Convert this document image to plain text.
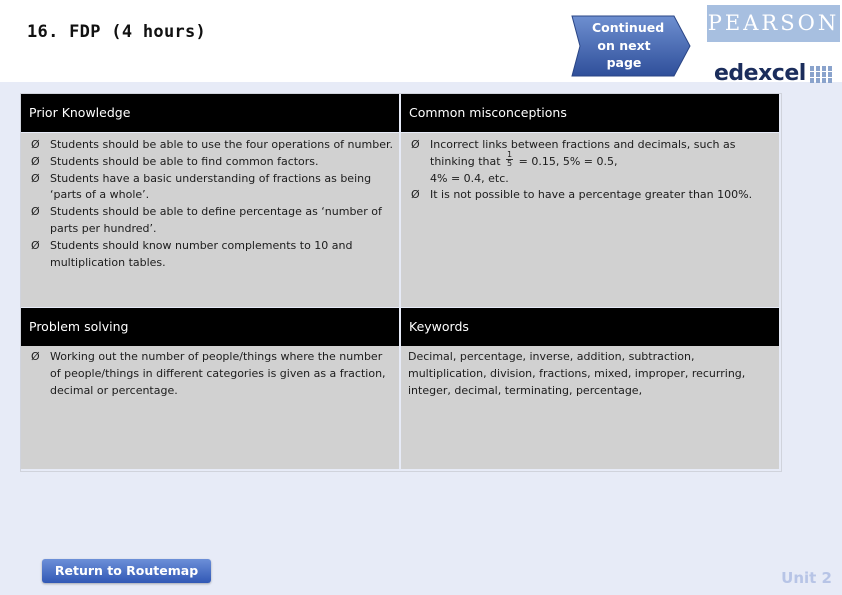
16. FDP (4 hours)	Continued on next page
PEARSON
edexcel
Prior Knowledge
Ø Students should be able to use the four operations of number.
Ø Students should be able to find common factors.
Ø Students have a basic understanding of fractions as being ‘parts of a whole’.
Ø Students should be able to define percentage as ‘number of parts per hundred’.
Ø Students should know number complements to 10 and multiplication tables.
Common misconceptions
Ø Incorrect links between fractions and decimals, such as thinking that $\frac{1}{5} = 0.15$, 5% = 0.5,
4% = 0.4, etc.
Ø It is not possible to have a percentage greater than 100%.
Problem solving
Ø Working out the number of people/things where the number of people/things in different categories is given as a fraction, decimal or percentage.
Keywords
Decimal, percentage, inverse, addition, subtraction, multiplication, division, fractions, mixed, improper, recurring, integer, decimal, terminating, percentage,
Return to Routemap	Unit 2
